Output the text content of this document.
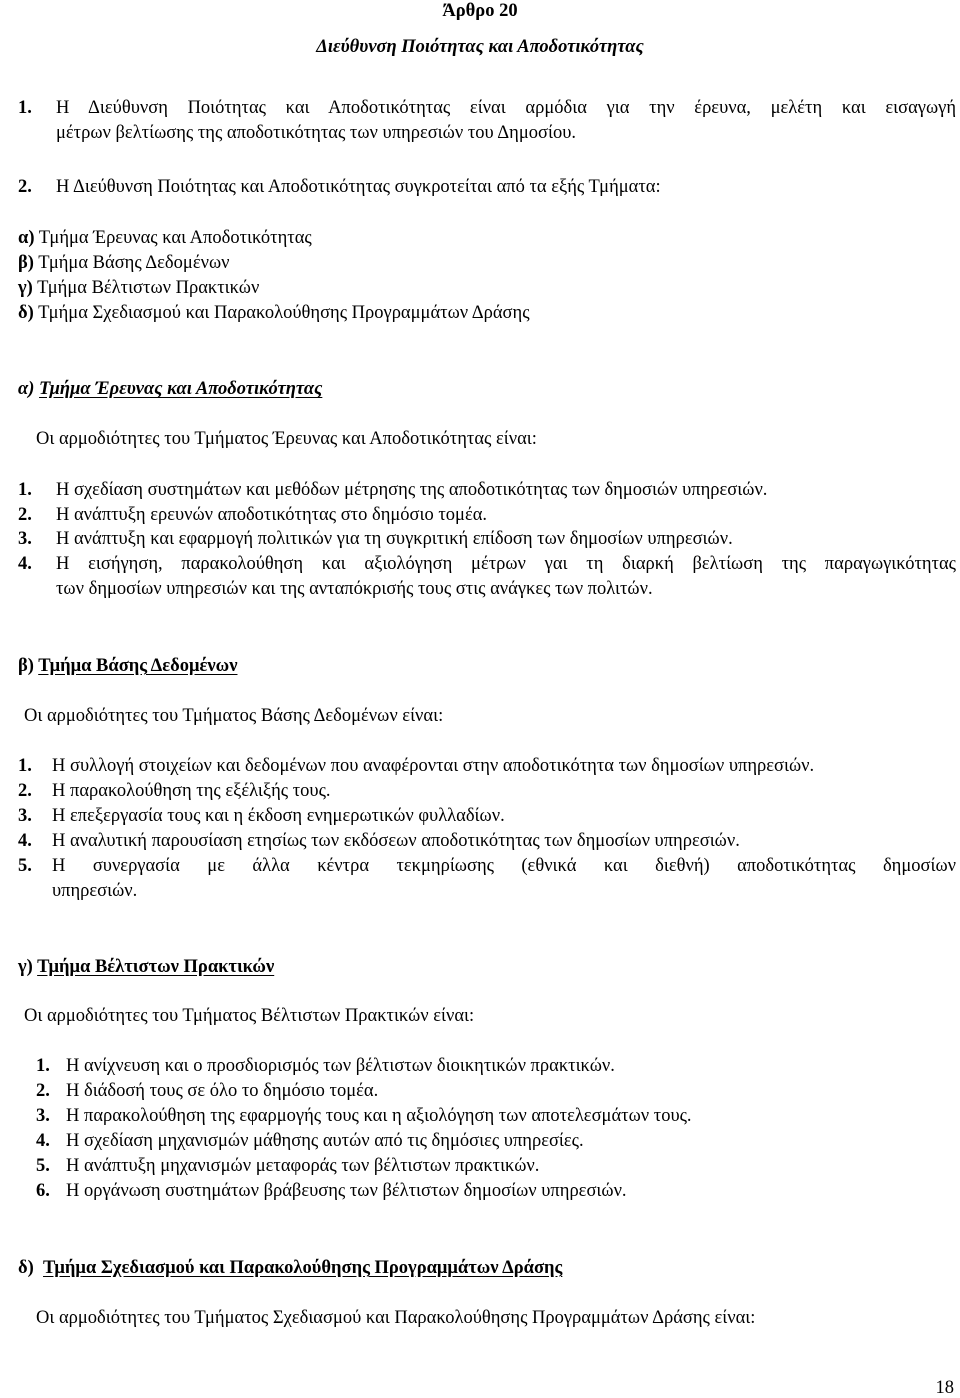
Άρθρο 20
Διεύθυνση Ποιότητας και Αποδοτικότητας
1. Η Διεύθυνση Ποιότητας και Αποδοτικότητας είναι αρμόδια για την έρευνα, μελέτη και εισαγωγή
μέτρων βελτίωσης της αποδοτικότητας των υπηρεσιών του Δημοσίου.
2. Η Διεύθυνση Ποιότητας και Αποδοτικότητας συγκροτείται από τα εξής Τμήματα:
α) Τμήμα Έρευνας και Αποδοτικότητας
β) Τμήμα Βάσης Δεδομένων
γ) Τμήμα Βέλτιστων Πρακτικών
δ) Τμήμα Σχεδιασμού και Παρακολούθησης Προγραμμάτων Δράσης
α) Τμήμα Έρευνας και Αποδοτικότητας
Οι αρμοδιότητες του Τμήματος Έρευνας και Αποδοτικότητας είναι:
1. Η σχεδίαση συστημάτων και μεθόδων μέτρησης της αποδοτικότητας των δημοσιών υπηρεσιών.
2. Η ανάπτυξη ερευνών αποδοτικότητας στο δημόσιο τομέα.
3. Η ανάπτυξη και εφαρμογή πολιτικών για τη συγκριτική επίδοση των δημοσίων υπηρεσιών.
4. Η εισήγηση, παρακολούθηση και αξιολόγηση μέτρων γαι τη διαρκή βελτίωση της παραγωγικότητας
των δημοσίων υπηρεσιών και της ανταπόκρισής τους στις ανάγκες των πολιτών.
β) Τμήμα Βάσης Δεδομένων
Οι αρμοδιότητες του Τμήματος Βάσης Δεδομένων είναι:
1. Η συλλογή στοιχείων και δεδομένων που αναφέρονται στην αποδοτικότητα των δημοσίων υπηρεσιών.
2. Η παρακολούθηση της εξέλιξής τους.
3. Η επεξεργασία τους και η έκδοση ενημερωτικών φυλλαδίων.
4. Η αναλυτική παρουσίαση ετησίως των εκδόσεων αποδοτικότητας των δημοσίων υπηρεσιών.
5. Η συνεργασία με άλλα κέντρα τεκμηρίωσης (εθνικά και διεθνή) αποδοτικότητας δημοσίων
υπηρεσιών.
γ) Τμήμα Βέλτιστων Πρακτικών
Οι αρμοδιότητες του Τμήματος Βέλτιστων Πρακτικών είναι:
1. Η ανίχνευση και ο προσδιορισμός των βέλτιστων διοικητικών πρακτικών.
2. Η διάδοσή τους σε όλο το δημόσιο τομέα.
3. Η παρακολούθηση της εφαρμογής τους και η αξιολόγηση των αποτελεσμάτων τους.
4. Η σχεδίαση μηχανισμών μάθησης αυτών από τις δημόσιες υπηρεσίες.
5. Η ανάπτυξη μηχανισμών μεταφοράς των βέλτιστων πρακτικών.
6. Η οργάνωση συστημάτων βράβευσης των βέλτιστων δημοσίων υπηρεσιών.
δ) Τμήμα Σχεδιασμού και Παρακολούθησης Προγραμμάτων Δράσης
Οι αρμοδιότητες του Τμήματος Σχεδιασμού και Παρακολούθησης Προγραμμάτων Δράσης είναι:
18
